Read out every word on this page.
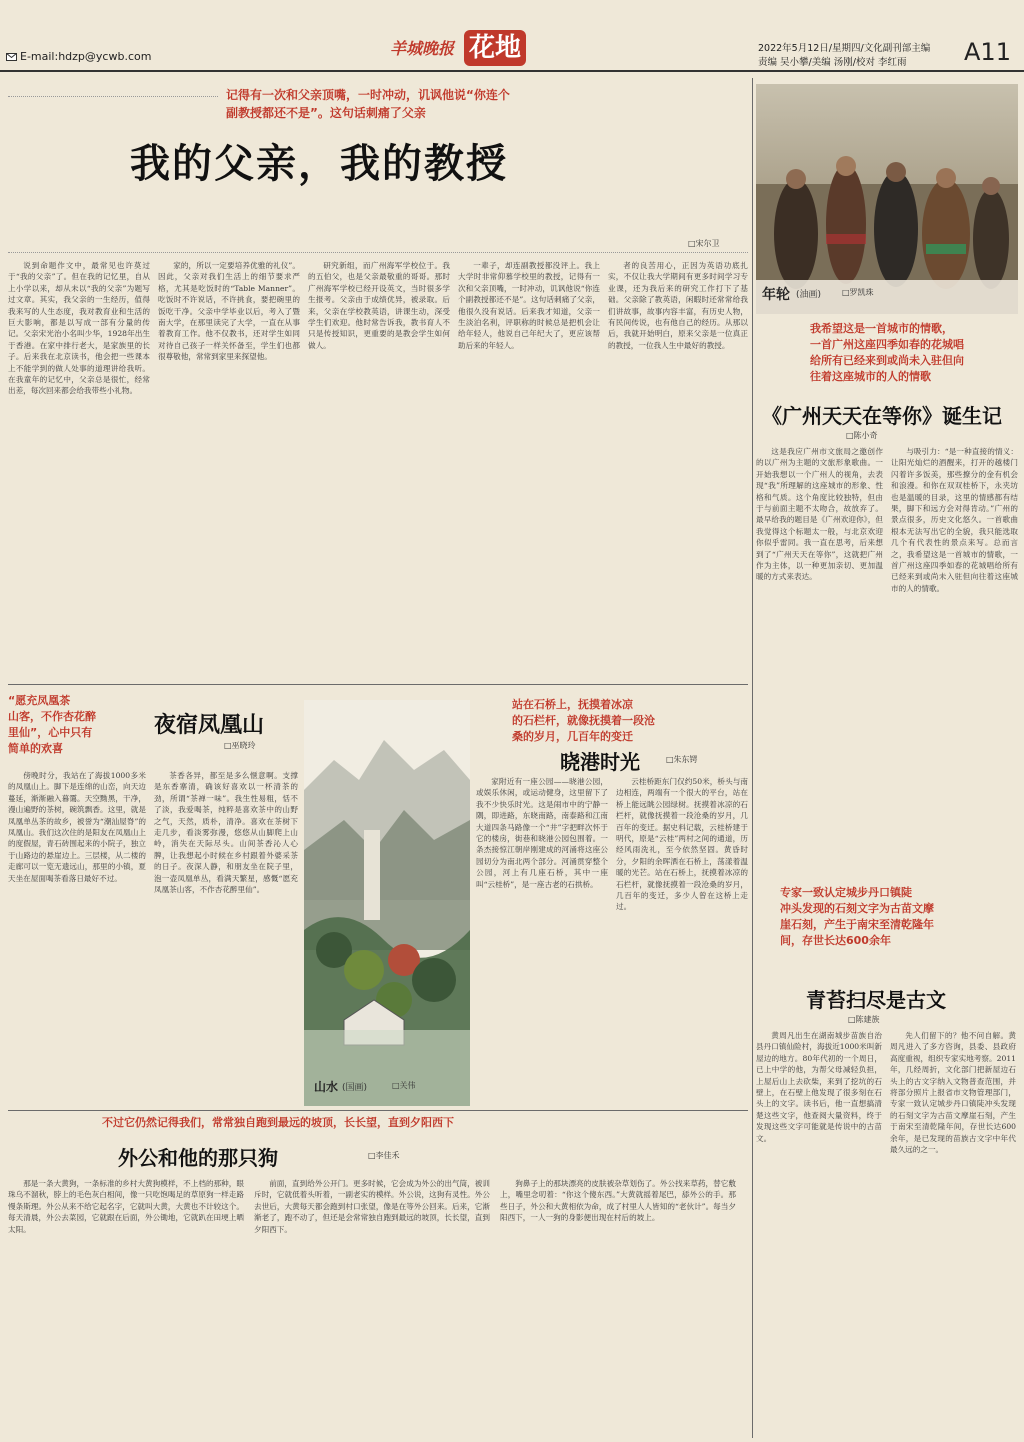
E-mail:hdzp@ycwb.com	羊城晚报 花地	2022年5月12日/星期四/文化副刊部主编
责编 吴小攀/美编 汤刚/校对 李红雨 A11
记得有一次和父亲顶嘴，一时冲动，讥讽他说“你连个
副教授都还不是”。这句话刺痛了父亲
我的父亲，我的教授
□宋尔卫

说到命题作文中，最常见也许莫过于“我的父亲”了。但在我的记忆里，自从上小学以来，却从未以“我的父亲”为题写过文章。其实，我父亲的一生经历，值得我来写的人生态度，我对教育业和生活的巨大影响，都是以写成一部有分量的传记。父亲宋光治小名叫少华，1928年出生于香港。在家中排行老大，是家族里的长子。后来我在北京读书，他会把一些课本上不能学到的做人处事的道理讲给我听。在我童年的记忆中，父亲总是很忙，经常出差，每次回来都会给我带些小礼物。

家的，所以一定要培养优雅的礼仪”。因此，父亲对我们生活上的细节要求严格，尤其是吃饭时的“Table Manner”。吃饭时不许说话，不许挑食，要把碗里的饭吃干净。父亲中学毕业以后，考入了暨南大学，在那里读完了大学，一直在从事着教育工作。他不仅教书，还对学生如同对待自己孩子一样关怀备至，学生们也都很尊敬他，常常到家里来探望他。

研究新组，而广州海军学校位于。我的五伯父，也是父亲最敬重的哥哥。那时广州海军学校已经开设英文，当时很多学生报考。父亲由于成绩优异，被录取。后来，父亲在学校教英语，讲课生动，深受学生们欢迎。他时常告诉我，教书育人不只是传授知识，更重要的是教会学生如何做人。

一辈子，却连副教授都没评上。我上大学时非常仰慕学校里的教授，记得有一次和父亲顶嘴，一时冲动，讥讽他说“你连个副教授都还不是”。这句话刺痛了父亲，他很久没有说话。后来我才知道，父亲一生淡泊名利，评职称的时候总是把机会让给年轻人，他说自己年纪大了，更应该帮助后来的年轻人。

者的良苦用心，正因为英语功底扎实，不仅让我大学期间有更多时间学习专业课，还为我后来的研究工作打下了基础。父亲除了教英语，闲暇时还常常给我们讲故事，故事内容丰富，有历史人物，有民间传说，也有他自己的经历。从那以后，我就开始明白，原来父亲是一位真正的教授，一位我人生中最好的教授。

年轮 (油画)	□罗凯珠
我希望这是一首城市的情歌，
一首广州这座四季如春的花城唱
给所有已经来到或尚未入驻但向
往着这座城市的人的情歌
《广州天天在等你》诞生记
□陈小奇

这是我应广州市文旅局之邀创作的以广州为主题的文旅形象歌曲。一开始我想以一个广州人的视角，去表现“我”所理解的这座城市的形象、性格和气质。这个角度比较独特，但由于与前面主题不太吻合，故放弃了。最早给我的题目是《广州欢迎你》，但我觉得这个标题太一般，与北京欢迎你似乎雷同。我一直在思考，后来想到了“广州天天在等你”，这就把广州作为主体，以一种更加亲切、更加温暖的方式来表达。

与吸引力：“是一种直接的情义：让阳光灿烂的酒醒来，打开的越楼门闪着许多饭美，那些撩分的金有机会和浪漫。和你在双双桂桥下，永夹坊也是温暖的目录，这里的情感都有结果，脚下和远方会对得肯动。”广州的景点很多，历史文化悠久。一首歌曲根本无法写出它的全貌，我只能选取几个有代表性的景点来写。总而言之，我希望这是一首城市的情歌，一首广州这座四季如春的花城唱给所有已经来到或尚未入驻但向往着这座城市的人的情歌。

“愿充凤凰茶
山客，不作杏花醉
里仙”，心中只有
简单的欢喜
夜宿凤凰山
□巫晓玲

傍晚时分，我站在了海拔1000多米的凤凰山上。脚下是连绵的山峦，向天边蔓延，渐渐融入暮霭。天空黝黑，干净，漫山遍野的茶树，碗筑飘香。这里，就是凤凰单丛茶的故乡，被誉为“潮汕屋脊”的凤凰山。我们这次住的是阳友在凤凰山上的度假屋，青石砖围起来的小院子，独立于山路边的悬崖边上。三层楼，从二楼的走廊可以一览无遗远山，那里的小镇，夏天坐在屋面喝茶看落日最好不过。

茶香各异，都至是多么惬意啊。支撑是东香寨清，确该好喜欢以一杯清茶的劲，所谓“茶禅一味”。我生性易粗，恬不了淡，我爱喝茶，纯粹是喜欢茶中的山野之气，天然，质朴，清净。喜欢在茶树下走几步，看淡雾弥漫，悠悠从山脚爬上山岭，消失在天际尽头。山间茶香沁人心脾，让我想起小时候在乡村跟着外婆采茶的日子。夜深人静，和朋友坐在院子里，泡一壶凤凰单丛，看满天繁星，感慨“愿充凤凰茶山客，不作杏花醉里仙”。

山水 (国画)	□关伟
站在石桥上，抚摸着冰凉
的石栏杆，就像抚摸着一段沧
桑的岁月，几百年的变迁
晓港时光	□朱东锷

家附近有一座公园——晓港公园，或娱乐休闲，或运动健身，这里留下了我不少快乐时光。这是闹市中的宁静一隅，即进路，东晓南路，南泰路和江南大道四条马路像一个“井”字把畔次怀于它的楼房，街巷和晓港公园包围着。一条杰接惊江朝岸刚建成的河涌将这座公园切分为南北两个部分。河涌贯穿整个公园，河上有几座石桥，其中一座叫“云桂桥”，是一座古老的石拱桥。

云桂桥距东门仅约50米，桥头与南边相连，两端有一个很大的平台，站在桥上能远眺公园绿树。抚摸着冰凉的石栏杆，就像抚摸着一段沧桑的岁月，几百年的变迁。据史料记载，云桂桥建于明代，原是“云桂”两村之间的通道，历经风雨洗礼，至今依然坚固。黄昏时分，夕阳的余晖洒在石桥上，荡漾着温暖的光芒。站在石桥上，抚摸着冰凉的石栏杆，就像抚摸着一段沧桑的岁月，几百年的变迁，多少人曾在这桥上走过。

专家一致认定城步丹口镇陡
冲头发现的石刻文字为古苗文摩
崖石刻，产生于南宋至清乾隆年
间，存世长达600余年
青苔扫尽是古文
□陈建族

黄周凡出生在湖南城步苗族自治县丹口镇仙险村，海拔近1000米叫新屋边的地方。80年代初的一个周日，已上中学的他，为帮父母减轻负担，上屋后山上去砍柴，来到了挖坑的石壁上，在石壁上他发现了很多刻在石头上的文字。读书后，他一直想搞清楚这些文字，他查阅大量资料，终于发现这些文字可能就是传说中的古苗文。

先人们留下的？他不问自解。黄周凡进入了多方咨询，县委、县政府高度重视，组织专家实地考察。2011年，几经周折，文化部门把新屋边石头上的古文字纳入文物普查范围，并将部分照片上报省市文物管理部门，专家一致认定城步丹口镇陡冲头发现的石刻文字为古苗文摩崖石刻，产生于南宋至清乾隆年间，存世长达600余年，是已发现的苗族古文字中年代最久远的之一。

不过它仍然记得我们，常常独自跑到最远的坡顶，长长望，直到夕阳西下
外公和他的那只狗	□李佳禾

那是一条大黄狗，一条标准的乡村大黄狗模样，不上档的那种，眼珠乌不溜秋，脖上的毛色灰白相间，像一只吃饱喝足的草原狗一样走路慢条斯理。外公从来不给它起名字，它就叫大黄，大黄也不计较这个。每天清晨，外公去菜园，它就跟在后面，外公锄地，它就趴在田埂上晒太阳。

前面，直到给外公开门。更多时候，它会成为外公的出气筒，被训斥时，它就低着头听着，一副老实的模样。外公说，这狗有灵性。外公去世后，大黄每天都会跑到村口张望，像是在等外公回来。后来，它渐渐老了，跑不动了，但还是会常常独自跑到最远的坡顶，长长望，直到夕阳西下。

狗鼻子上的那块漂亮的皮肤被杂草划伤了。外公找来草药，替它敷上，嘴里念叨着：“你这个傻东西。”大黄就摇着尾巴，舔外公的手。那些日子，外公和大黄相依为命，成了村里人人皆知的“老伙计”。每当夕阳西下，一人一狗的身影便出现在村后的坡上。
